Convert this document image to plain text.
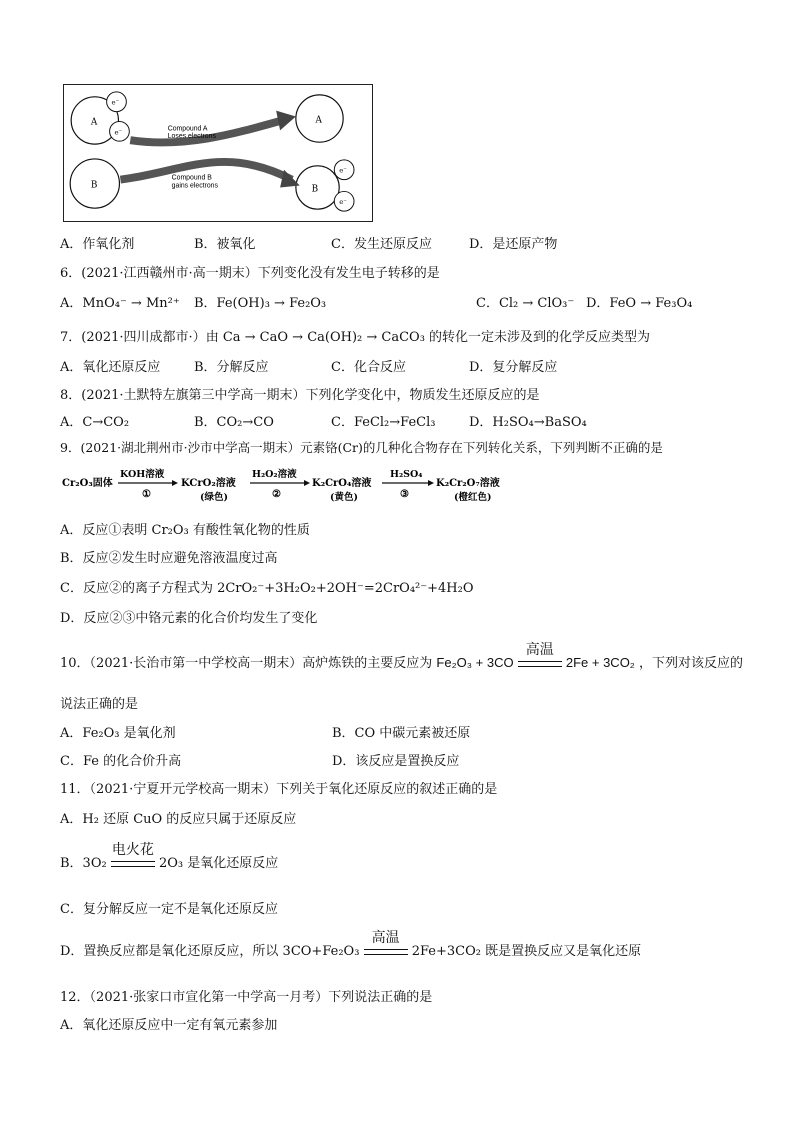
Compound A
Loses electrons
Compound B
gains electrons
A
B
A
B
e⁻
e⁻
e⁻
e⁻
A．作氧化剂	B．被氧化	C．发生还原反应	D．是还原产物
6．(2021·江西赣州市·高一期末）下列变化没有发生电子转移的是
A．MnO₄⁻ → Mn²⁺ B．Fe(OH)₃ → Fe₂O₃	C．Cl₂ → ClO₃⁻ D．FeO → Fe₃O₄
7．(2021·四川成都市·）由 Ca → CaO → Ca(OH)₂ → CaCO₃ 的转化一定未涉及到的化学反应类型为
A．氧化还原反应	B．分解反应	C．化合反应	D．复分解反应
8．(2021·土默特左旗第三中学高一期末）下列化学变化中，物质发生还原反应的是
A．C→CO₂	B．CO₂→CO	C．FeCl₂→FeCl₃	D．H₂SO₄→BaSO₄
9．(2021·湖北荆州市·沙市中学高一期末）元素铬(Cr)的几种化合物存在下列转化关系，下列判断不正确的是
Cr₂O₃固体
KOH溶液
①
KCrO₂溶液
(绿色)
H₂O₂溶液
②
K₂CrO₄溶液
(黄色)
H₂SO₄
③
K₂Cr₂O₇溶液
(橙红色)
A．反应①表明 Cr₂O₃ 有酸性氧化物的性质
B．反应②发生时应避免溶液温度过高
C．反应②的离子方程式为 2CrO₂⁻+3H₂O₂+2OH⁻=2CrO₄²⁻+4H₂O
D．反应②③中铬元素的化合价均发生了变化
10．（2021·长治市第一中学校高一期末）高炉炼铁的主要反应为 Fe₂O₃ + 3CO
高温
2Fe + 3CO₂ ，下列对该反应的
说法正确的是
A．Fe₂O₃ 是氧化剂	B．CO 中碳元素被还原
C．Fe 的化合价升高	D．该反应是置换反应
11．（2021·宁夏开元学校高一期末）下列关于氧化还原反应的叙述正确的是
A．H₂ 还原 CuO 的反应只属于还原反应
B．3O₂
电火花
2O₃ 是氧化还原反应
C．复分解反应一定不是氧化还原反应
D．置换反应都是氧化还原反应，所以 3CO+Fe₂O₃
高温
2Fe+3CO₂ 既是置换反应又是氧化还原
12．（2021·张家口市宣化第一中学高一月考）下列说法正确的是
A．氧化还原反应中一定有氧元素参加
